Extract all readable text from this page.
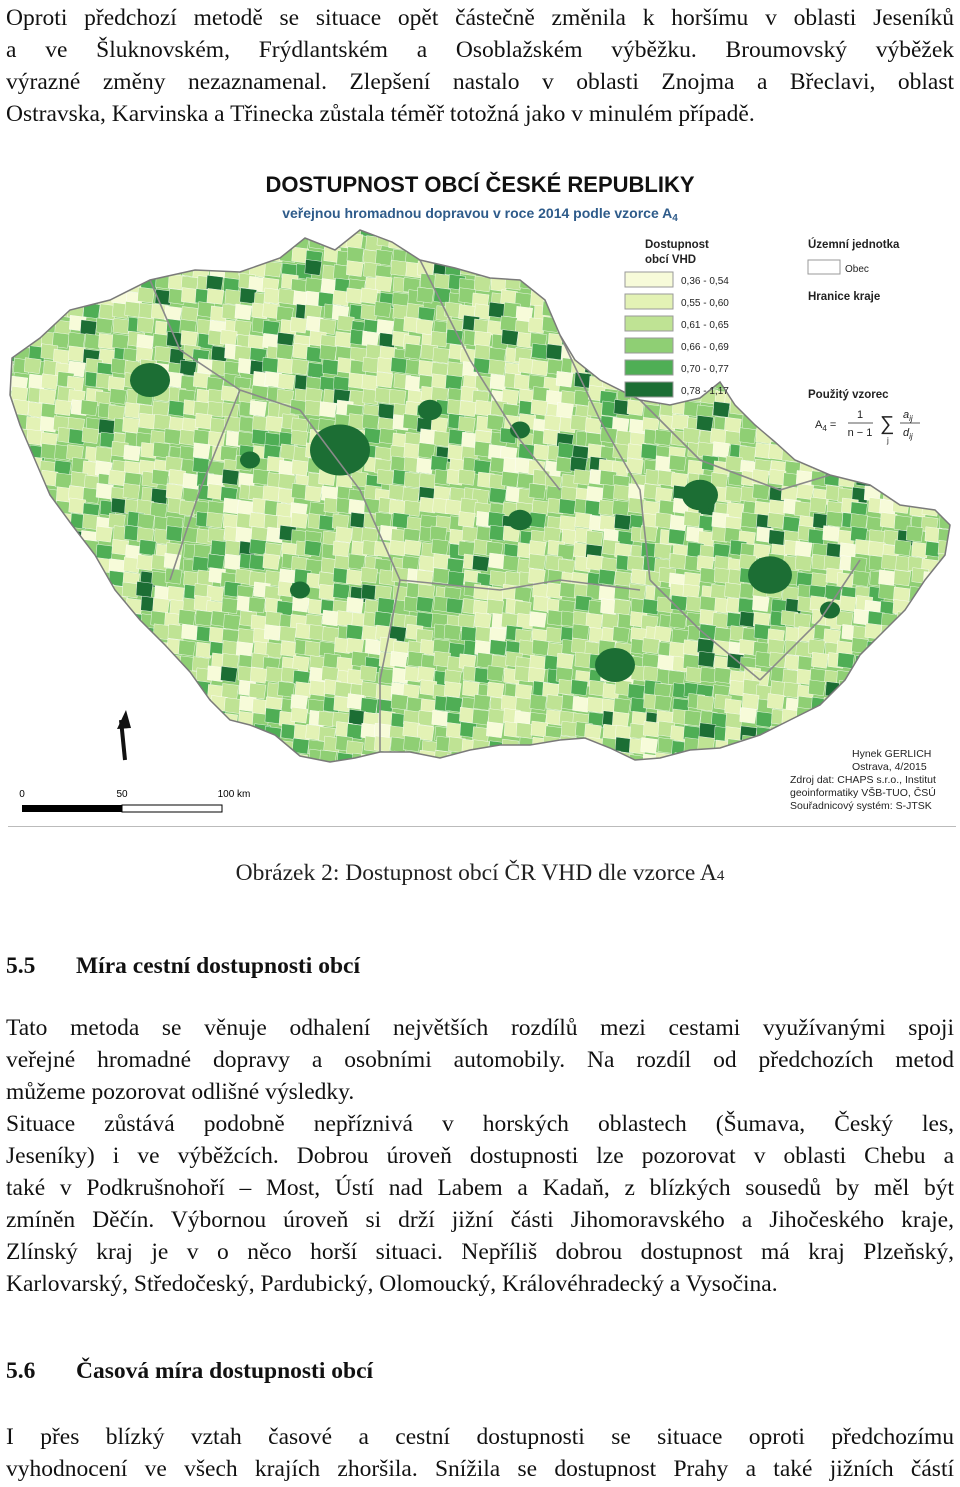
Oproti předchozí metodě se situace opět částečně změnila k horšímu v oblasti Jeseníků
a ve Šluknovském, Frýdlantském a Osoblažském výběžku. Broumovský výběžek
výrazné změny nezaznamenal. Zlepšení nastalo v oblasti Znojma a Břeclavi, oblast
Ostravska, Karvinska a Třinecka zůstala téměř totožná jako v minulém případě.
DOSTUPNOST OBCÍ ČESKÉ REPUBLIKY
veřejnou hromadnou dopravou v roce 2014 podle vzorce $A_4$
Dostupnost
obcí VHD
0,36 - 0,54
0,55 - 0,60
0,61 - 0,65
0,66 - 0,69
0,70 - 0,77
0,78 - 1,17
Územní jednotka
Obec
Hranice kraje
Použitý vzorec
$A_4$ =
1
n − 1 ∑
j
$a_{ij}$
$d_{ij}$
0	50	100 km
Hynek GERLICH
Ostrava, 4/2015
Zdroj dat: CHAPS s.r.o., Institut
geoinformatiky VŠB-TUO, ČSÚ
Souřadnicový systém: S-JTSK
Obrázek 2: Dostupnost obcí ČR VHD dle vzorce A4
5.5 Míra cestní dostupnosti obcí
Tato metoda se věnuje odhalení největších rozdílů mezi cestami využívanými spoji
veřejné hromadné dopravy a osobními automobily. Na rozdíl od předchozích metod
můžeme pozorovat odlišné výsledky.
Situace zůstává podobně nepříznivá v horských oblastech (Šumava, Český les,
Jeseníky) i ve výběžcích. Dobrou úroveň dostupnosti lze pozorovat v oblasti Chebu a
také v Podkrušnohoří – Most, Ústí nad Labem a Kadaň, z blízkých sousedů by měl být
zmíněn Děčín. Výbornou úroveň si drží jižní části Jihomoravského a Jihočeského kraje,
Zlínský kraj je v o něco horší situaci. Nepříliš dobrou dostupnost má kraj Plzeňský,
Karlovarský, Středočeský, Pardubický, Olomoucký, Královéhradecký a Vysočina.
5.6 Časová míra dostupnosti obcí
I přes blízký vztah časové a cestní dostupnosti se situace oproti předchozímu
vyhodnocení ve všech krajích zhoršila. Snížila se dostupnost Prahy a také jižních částí
